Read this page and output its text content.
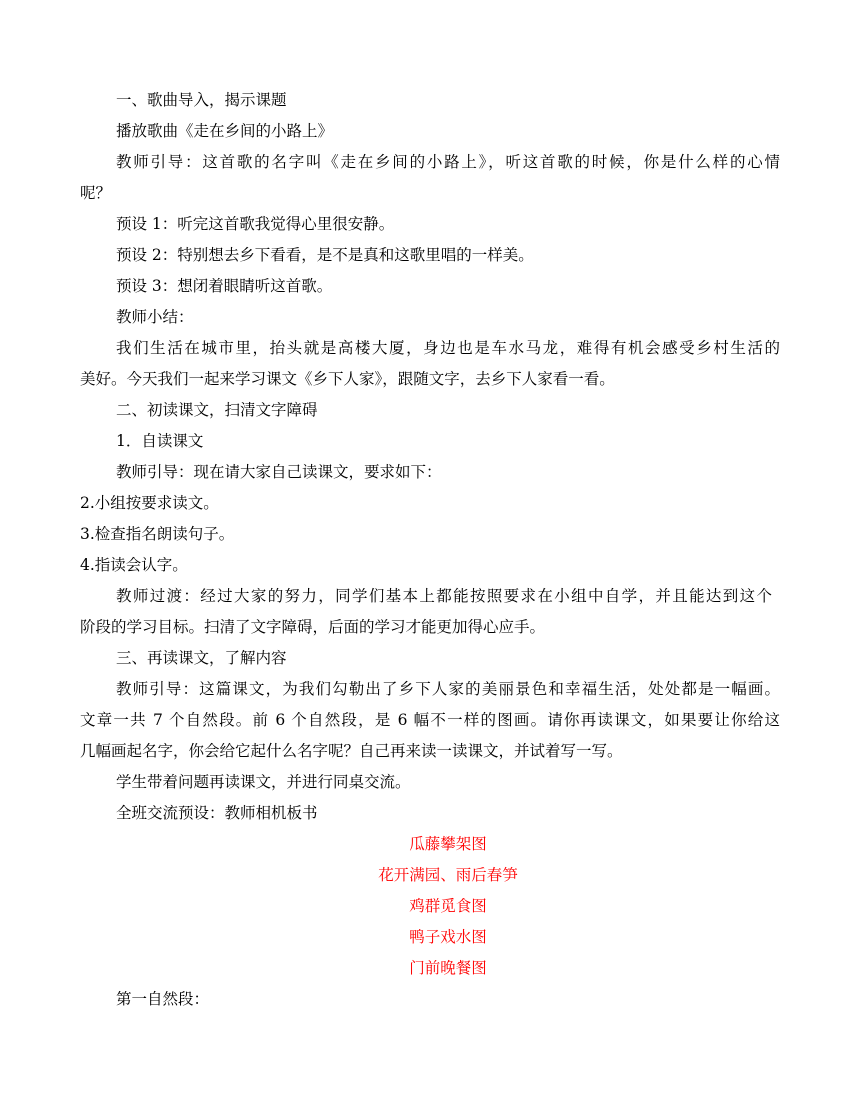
一、歌曲导入，揭示课题
播放歌曲《走在乡间的小路上》
教师引导：这首歌的名字叫《走在乡间的小路上》，听这首歌的时候，你是什么样的心情
呢？
预设 1：听完这首歌我觉得心里很安静。
预设 2：特别想去乡下看看，是不是真和这歌里唱的一样美。
预设 3：想闭着眼睛听这首歌。
教师小结：
我们生活在城市里，抬头就是高楼大厦，身边也是车水马龙，难得有机会感受乡村生活的
美好。今天我们一起来学习课文《乡下人家》，跟随文字，去乡下人家看一看。
二、初读课文，扫清文字障碍
1．自读课文
教师引导：现在请大家自己读课文，要求如下：
2.小组按要求读文。
3.检查指名朗读句子。
4.指读会认字。
教师过渡：经过大家的努力，同学们基本上都能按照要求在小组中自学，并且能达到这个
阶段的学习目标。扫清了文字障碍，后面的学习才能更加得心应手。
三、再读课文，了解内容
教师引导：这篇课文，为我们勾勒出了乡下人家的美丽景色和幸福生活，处处都是一幅画。
文章一共 7 个自然段。前 6 个自然段，是 6 幅不一样的图画。请你再读课文，如果要让你给这
几幅画起名字，你会给它起什么名字呢？自己再来读一读课文，并试着写一写。
学生带着问题再读课文，并进行同桌交流。
全班交流预设：教师相机板书
瓜藤攀架图
花开满园、雨后春笋
鸡群觅食图
鸭子戏水图
门前晚餐图
第一自然段：
